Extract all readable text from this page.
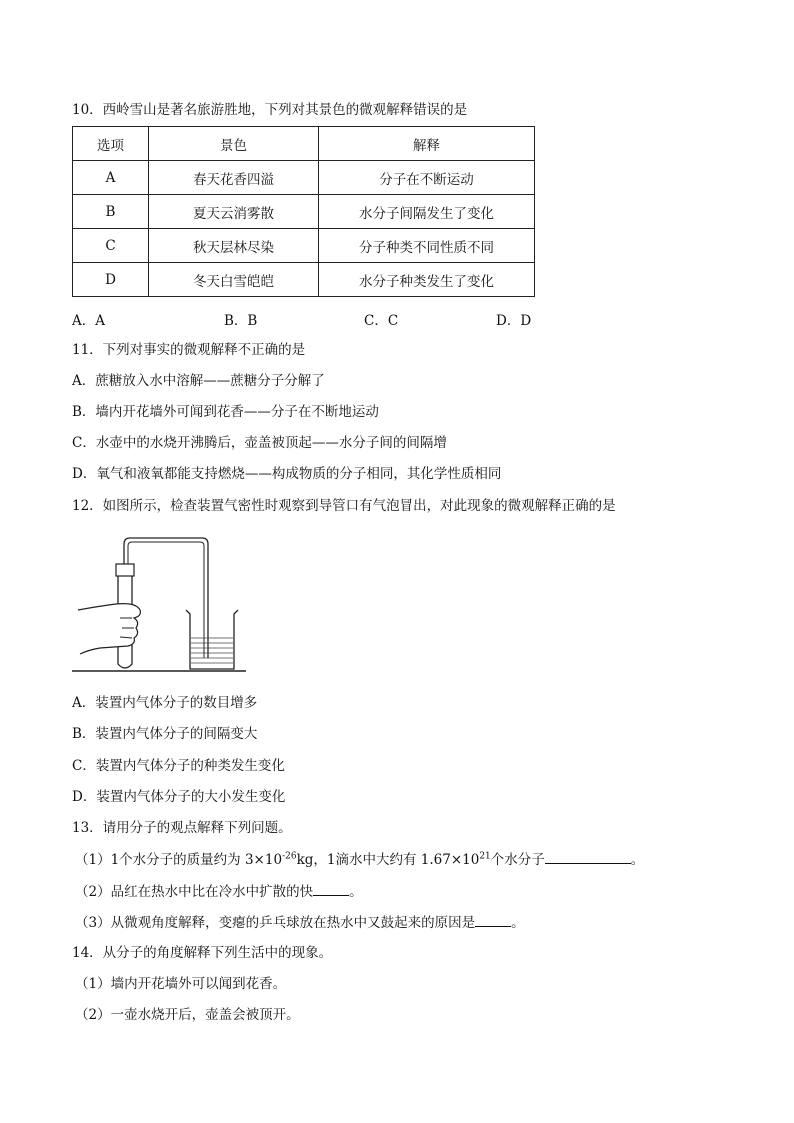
10．西岭雪山是著名旅游胜地，下列对其景色的微观解释错误的是
选项	景色	解释
A	春天花香四溢	分子在不断运动
B	夏天云消雾散	水分子间隔发生了变化
C	秋天层林尽染	分子种类不同性质不同
D	冬天白雪皑皑	水分子种类发生了变化
A．A	B．B	C．C	D．D
11．下列对事实的微观解释不正确的是
A．蔗糖放入水中溶解——蔗糖分子分解了
B．墙内开花墙外可闻到花香——分子在不断地运动
C．水壶中的水烧开沸腾后，壶盖被顶起——水分子间的间隔增
D．氧气和液氧都能支持燃烧——构成物质的分子相同，其化学性质相同
12．如图所示，检查装置气密性时观察到导管口有气泡冒出，对此现象的微观解释正确的是
A．装置内气体分子的数目增多
B．装置内气体分子的间隔变大
C．装置内气体分子的种类发生变化
D．装置内气体分子的大小发生变化
13．请用分子的观点解释下列问题。
（1）1个水分子的质量约为 $3\times 10^{-26}kg$，1滴水中大约有 $1.67\times 10^{21}$个水分子	。
（2）品红在热水中比在冷水中扩散的快	。
（3）从微观角度解释，变瘪的乒乓球放在热水中又鼓起来的原因是	。
14．从分子的角度解释下列生活中的现象。
（1）墙内开花墙外可以闻到花香。
（2）一壶水烧开后，壶盖会被顶开。
